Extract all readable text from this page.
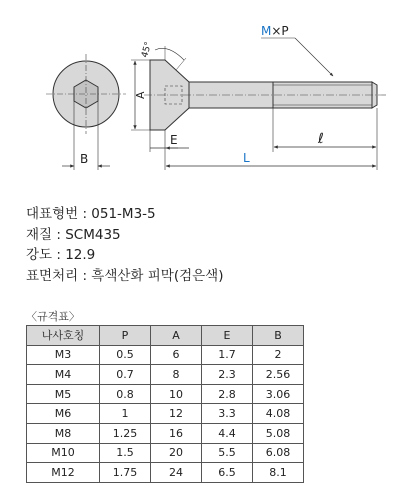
B
45°
A
E	ℓ
L
M×P
대표형번 : 051-M3-5
재질 : SCM435
강도 : 12.9
표면처리 : 흑색산화 피막(검은색)
〈규격표〉
나사호칭	P	A	E	B
M3	0.5	6	1.7	2
M4	0.7	8	2.3	2.56
M5	0.8	10	2.8	3.06
M6	1	12	3.3	4.08
M8	1.25	16	4.4	5.08
M10	1.5	20	5.5	6.08
M12	1.75	24	6.5	8.1
